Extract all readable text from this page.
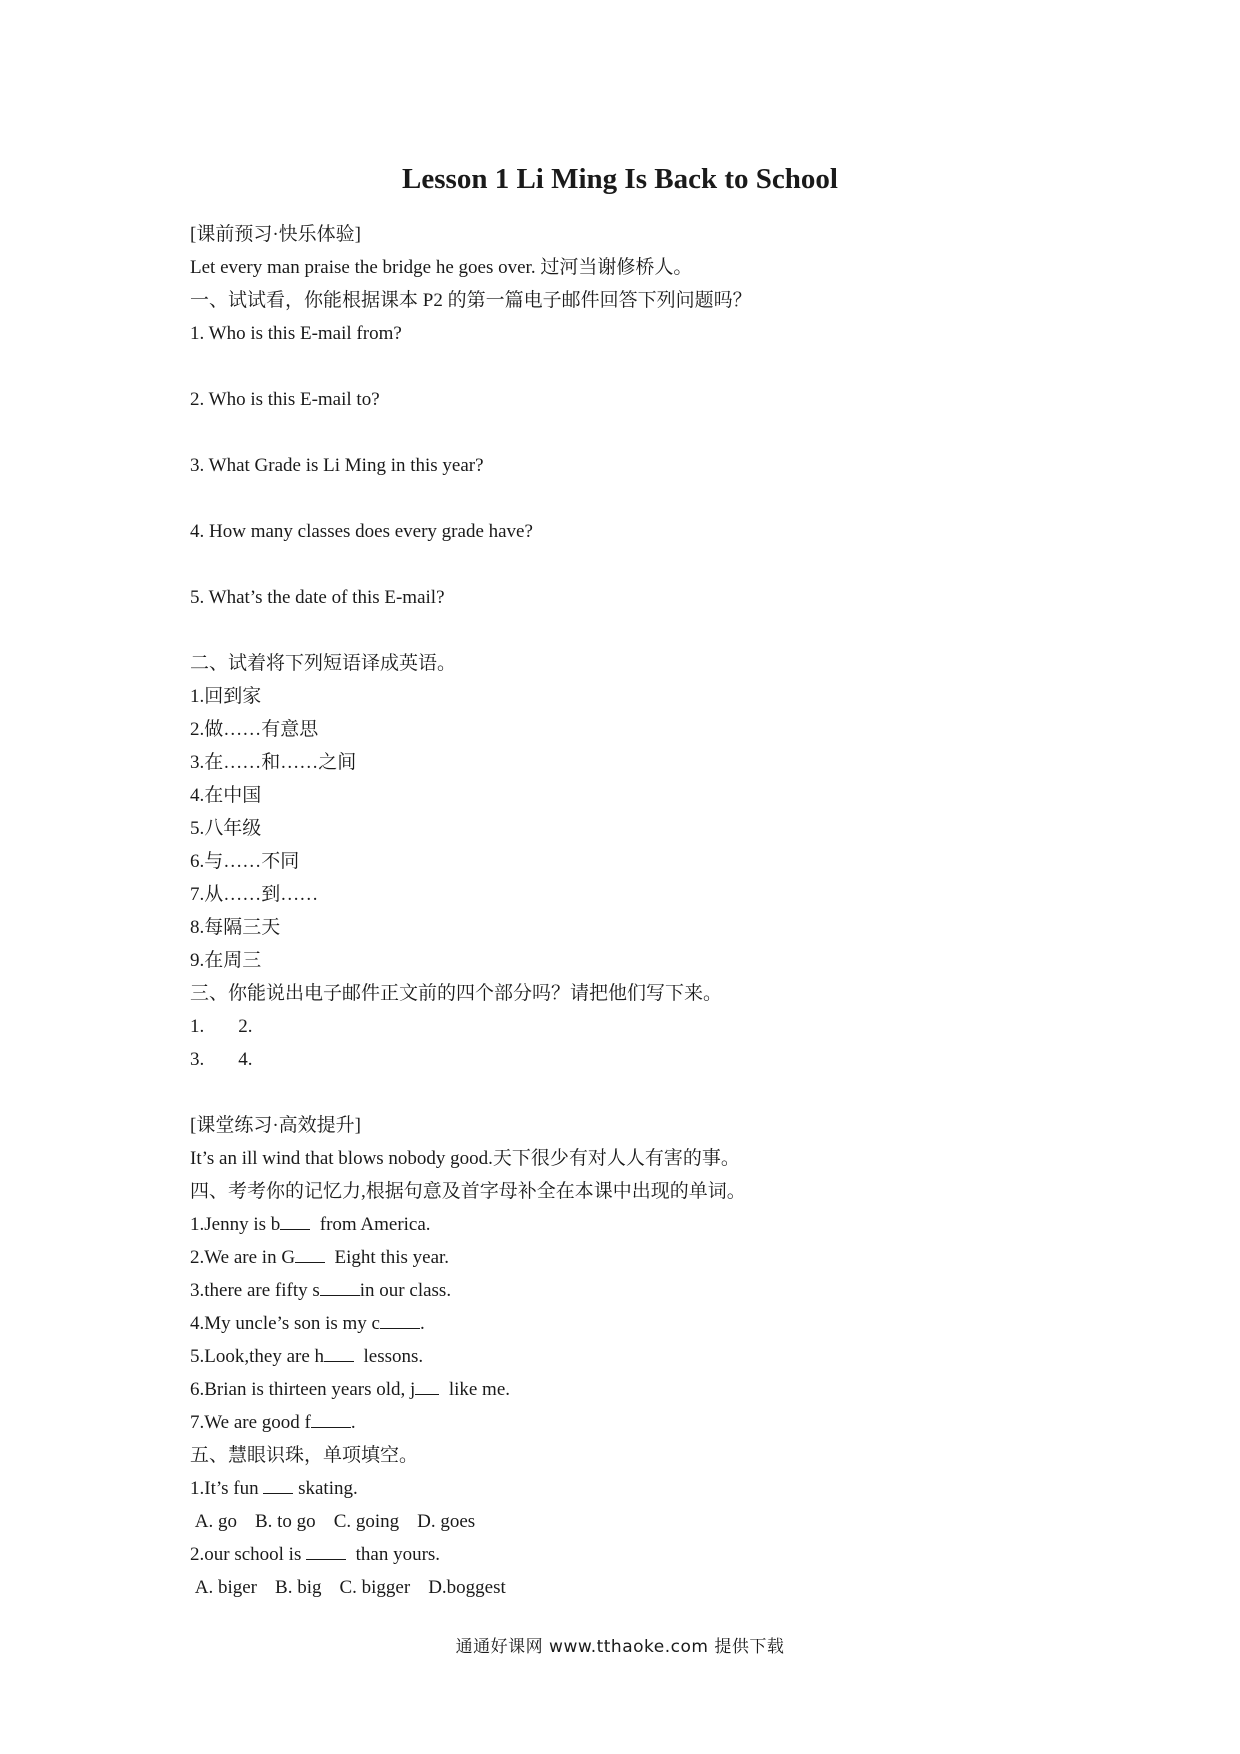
Lesson 1 Li Ming Is Back to School
[课前预习·快乐体验]
Let every man praise the bridge he goes over. 过河当谢修桥人。
一、试试看，你能根据课本 P2 的第一篇电子邮件回答下列问题吗？
1. Who is this E-mail from?
2. Who is this E-mail to?
3. What Grade is Li Ming in this year?
4. How many classes does every grade have?
5. What’s the date of this E-mail?
二、试着将下列短语译成英语。
1.回到家
2.做……有意思
3.在……和……之间
4.在中国
5.八年级
6.与……不同
7.从……到……
8.每隔三天
9.在周三
三、你能说出电子邮件正文前的四个部分吗？请把他们写下来。
1. 2.
3. 4.
[课堂练习·高效提升]
It’s an ill wind that blows nobody good.天下很少有对人人有害的事。
四、考考你的记忆力,根据句意及首字母补全在本课中出现的单词。
1.Jenny is b  from America.
2.We are in G  Eight this year.
3.there are fifty s in our class.
4.My uncle’s son is my c .
5.Look,they are h  lessons.
6.Brian is thirteen years old, j  like me.
7.We are good f .
五、慧眼识珠，单项填空。
1.It’s fun  skating.
A. go B. to go C. going D. goes
2.our school is   than yours.
A. biger B. big C. bigger D.boggest
通通好课网 www.tthaoke.com 提供下载
